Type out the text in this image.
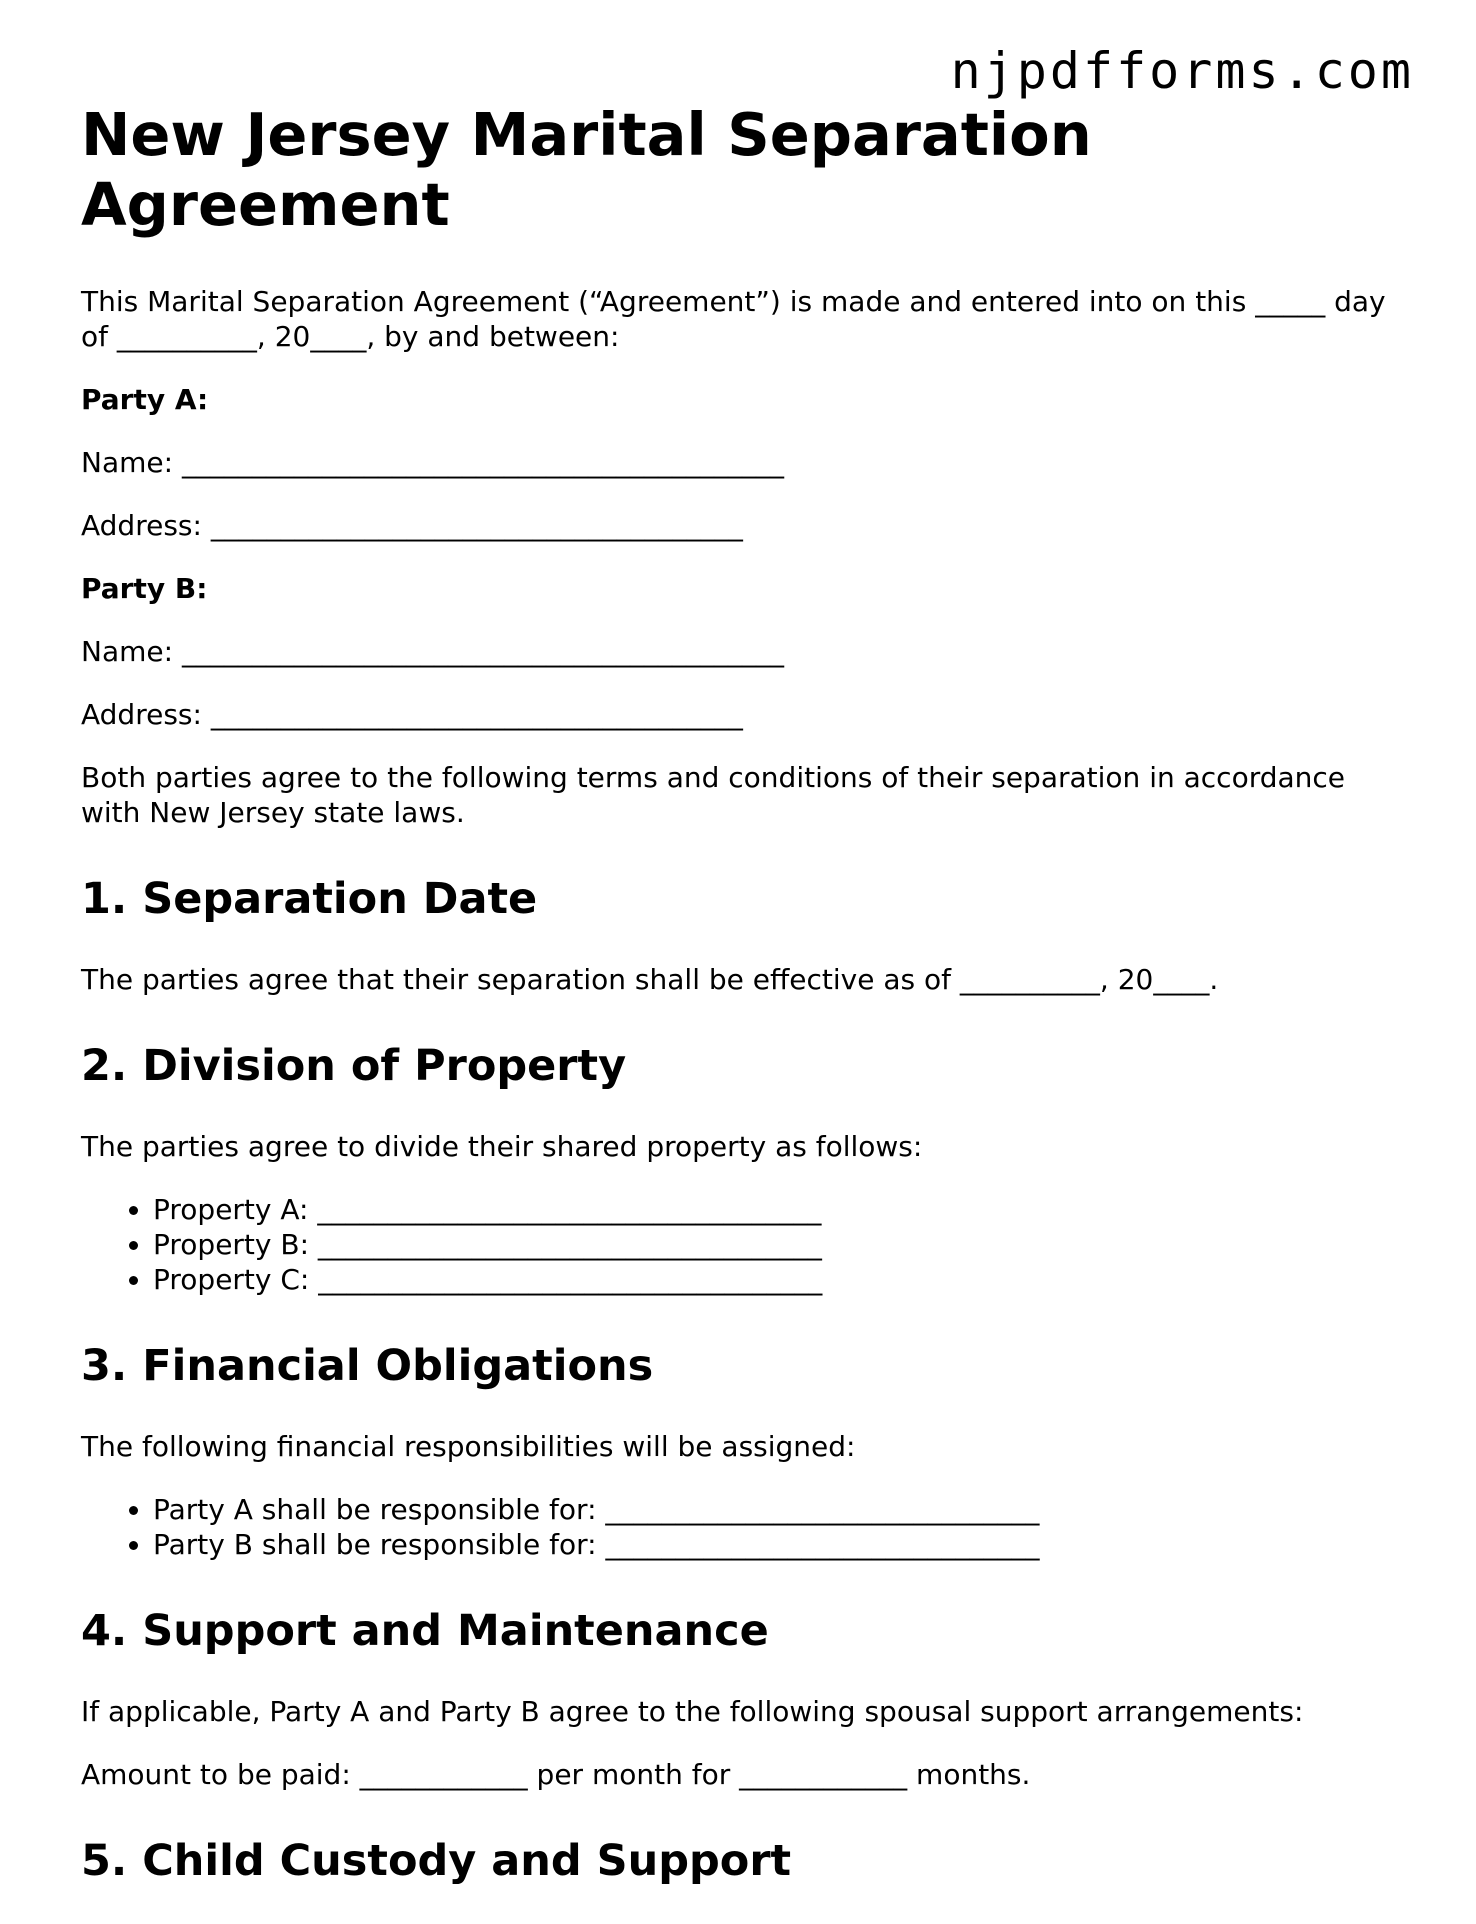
njpdfforms.com
New Jersey Marital Separation Agreement

This Marital Separation Agreement (“Agreement”) is made and entered into on this _____ day of __________, 20____, by and between:

Party A:

Name: ___________________________________________

Address: ______________________________________

Party B:

Name: ___________________________________________

Address: ______________________________________

Both parties agree to the following terms and conditions of their separation in accordance with New Jersey state laws.

1. Separation Date

The parties agree that their separation shall be effective as of __________, 20____.

2. Division of Property

The parties agree to divide their shared property as follows:

• Property A: ____________________________________
• Property B: ____________________________________
• Property C: ____________________________________
3. Financial Obligations

The following financial responsibilities will be assigned:

• Party A shall be responsible for: _______________________________
• Party B shall be responsible for: _______________________________
4. Support and Maintenance

If applicable, Party A and Party B agree to the following spousal support arrangements:

Amount to be paid: ____________ per month for ____________ months.

5. Child Custody and Support
